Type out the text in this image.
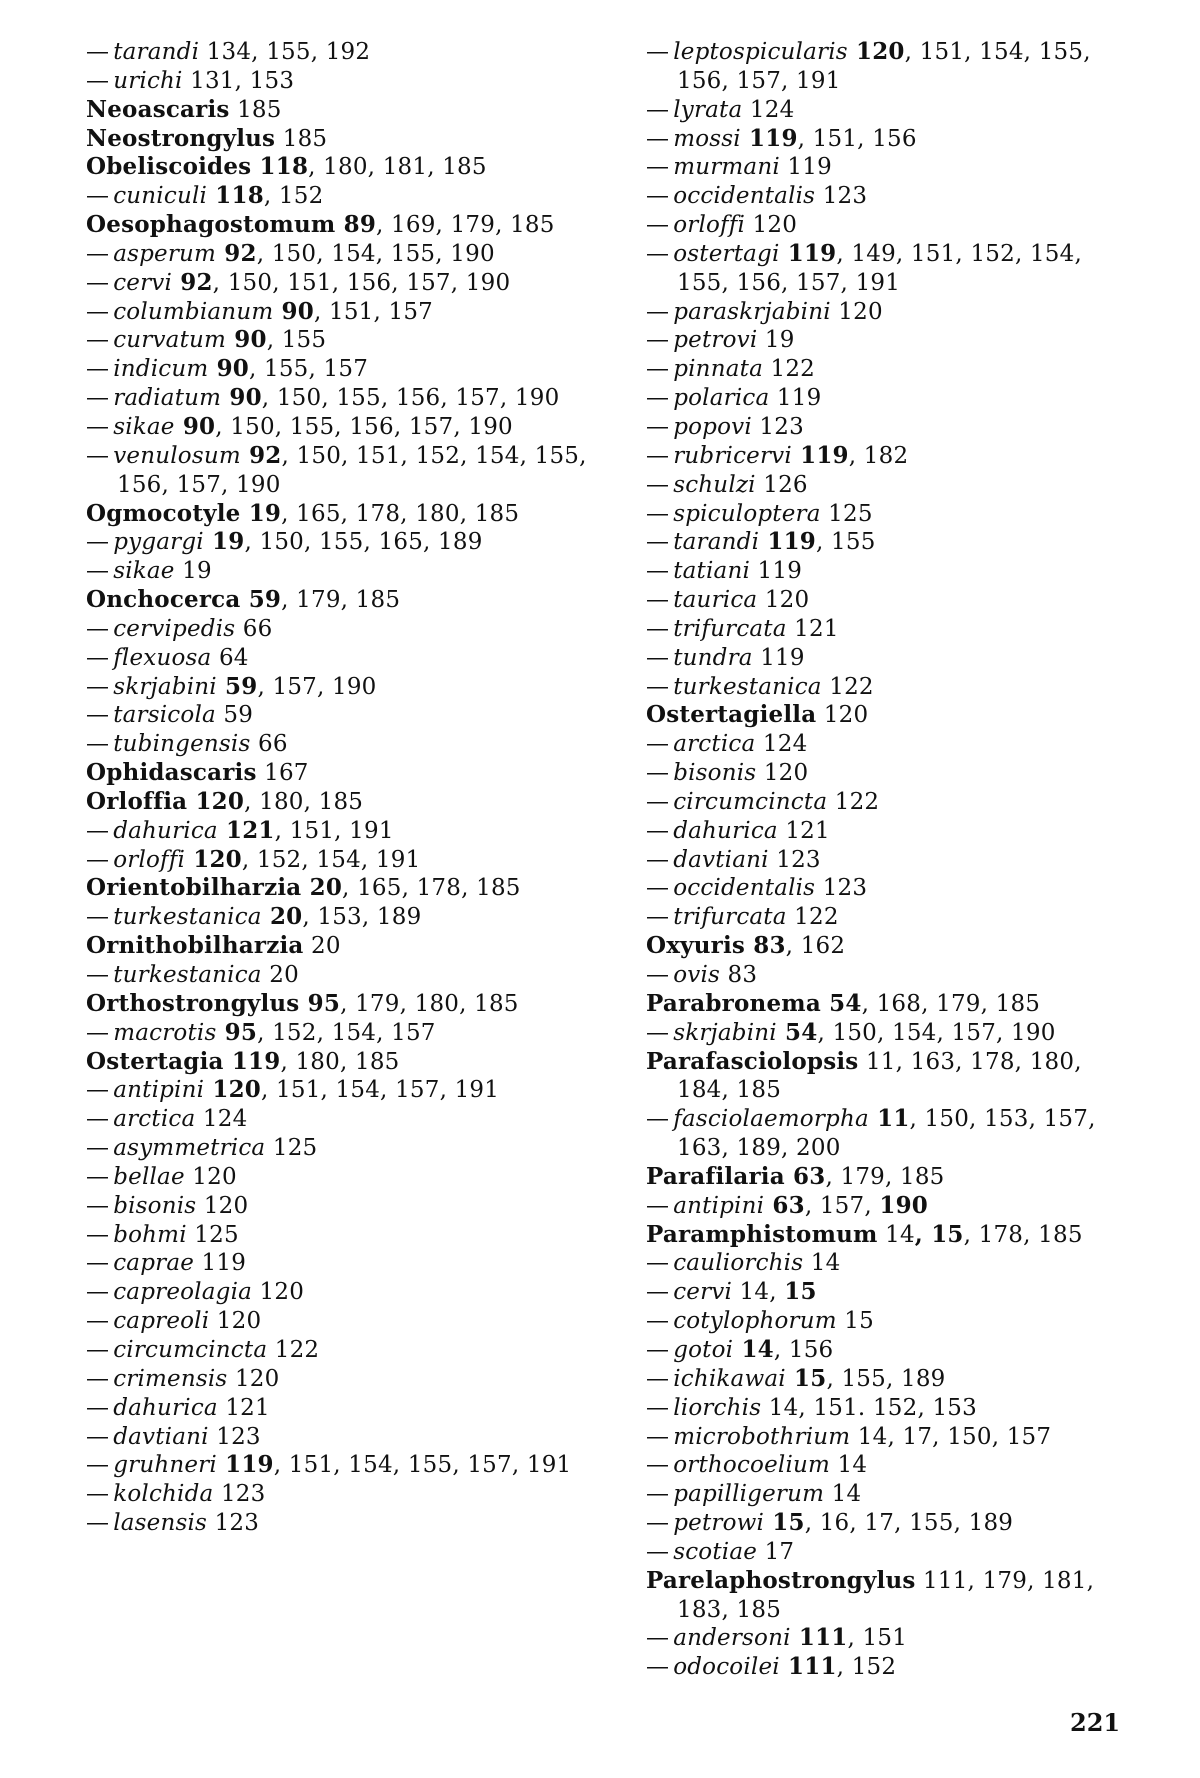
— tarandi 134, 155, 192
— urichi 131, 153
Neoascaris 185
Neostrongylus 185
Obeliscoides 118, 180, 181, 185
— cuniculi 118, 152
Oesophagostomum 89, 169, 179, 185
— asperum 92, 150, 154, 155, 190
— cervi 92, 150, 151, 156, 157, 190
— columbianum 90, 151, 157
— curvatum 90, 155
— indicum 90, 155, 157
— radiatum 90, 150, 155, 156, 157, 190
— sikae 90, 150, 155, 156, 157, 190
— venulosum 92, 150, 151, 152, 154, 155, 156, 157, 190
Ogmocotyle 19, 165, 178, 180, 185
— pygargi 19, 150, 155, 165, 189
— sikae 19
Onchocerca 59, 179, 185
— cervipedis 66
— flexuosa 64
— skrjabini 59, 157, 190
— tarsicola 59
— tubingensis 66
Ophidascaris 167
Orloffia 120, 180, 185
— dahurica 121, 151, 191
— orloffi 120, 152, 154, 191
Orientobilharzia 20, 165, 178, 185
— turkestanica 20, 153, 189
Ornithobilharzia 20
— turkestanica 20
Orthostrongylus 95, 179, 180, 185
— macrotis 95, 152, 154, 157
Ostertagia 119, 180, 185
— antipini 120, 151, 154, 157, 191
— arctica 124
— asymmetrica 125
— bellae 120
— bisonis 120
— bohmi 125
— caprae 119
— capreolagia 120
— capreoli 120
— circumcincta 122
— crimensis 120
— dahurica 121
— davtiani 123
— gruhneri 119, 151, 154, 155, 157, 191
— kolchida 123
— lasensis 123
— leptospicularis 120, 151, 154, 155, 156, 157, 191
— lyrata 124
— mossi 119, 151, 156
— murmani 119
— occidentalis 123
— orloffi 120
— ostertagi 119, 149, 151, 152, 154, 155, 156, 157, 191
— paraskrjabini 120
— petrovi 19
— pinnata 122
— polarica 119
— popovi 123
— rubricervi 119, 182
— schulzi 126
— spiculoptera 125
— tarandi 119, 155
— tatiani 119
— taurica 120
— trifurcata 121
— tundra 119
— turkestanica 122
Ostertagiella 120
— arctica 124
— bisonis 120
— circumcincta 122
— dahurica 121
— davtiani 123
— occidentalis 123
— trifurcata 122
Oxyuris 83, 162
— ovis 83
Parabronema 54, 168, 179, 185
— skrjabini 54, 150, 154, 157, 190
Parafasciolopsis 11, 163, 178, 180, 184, 185
— fasciolaemorpha 11, 150, 153, 157, 163, 189, 200
Parafilaria 63, 179, 185
— antipini 63, 157, 190
Paramphistomum 14, 15, 178, 185
— cauliorchis 14
— cervi 14, 15
— cotylophorum 15
— gotoi 14, 156
— ichikawai 15, 155, 189
— liorchis 14, 151. 152, 153
— microbothrium 14, 17, 150, 157
— orthocoelium 14
— papilligerum 14
— petrowi 15, 16, 17, 155, 189
— scotiae 17
Parelaphostrongylus 111, 179, 181, 183, 185
— andersoni 111, 151
— odocoilei 111, 152
221
